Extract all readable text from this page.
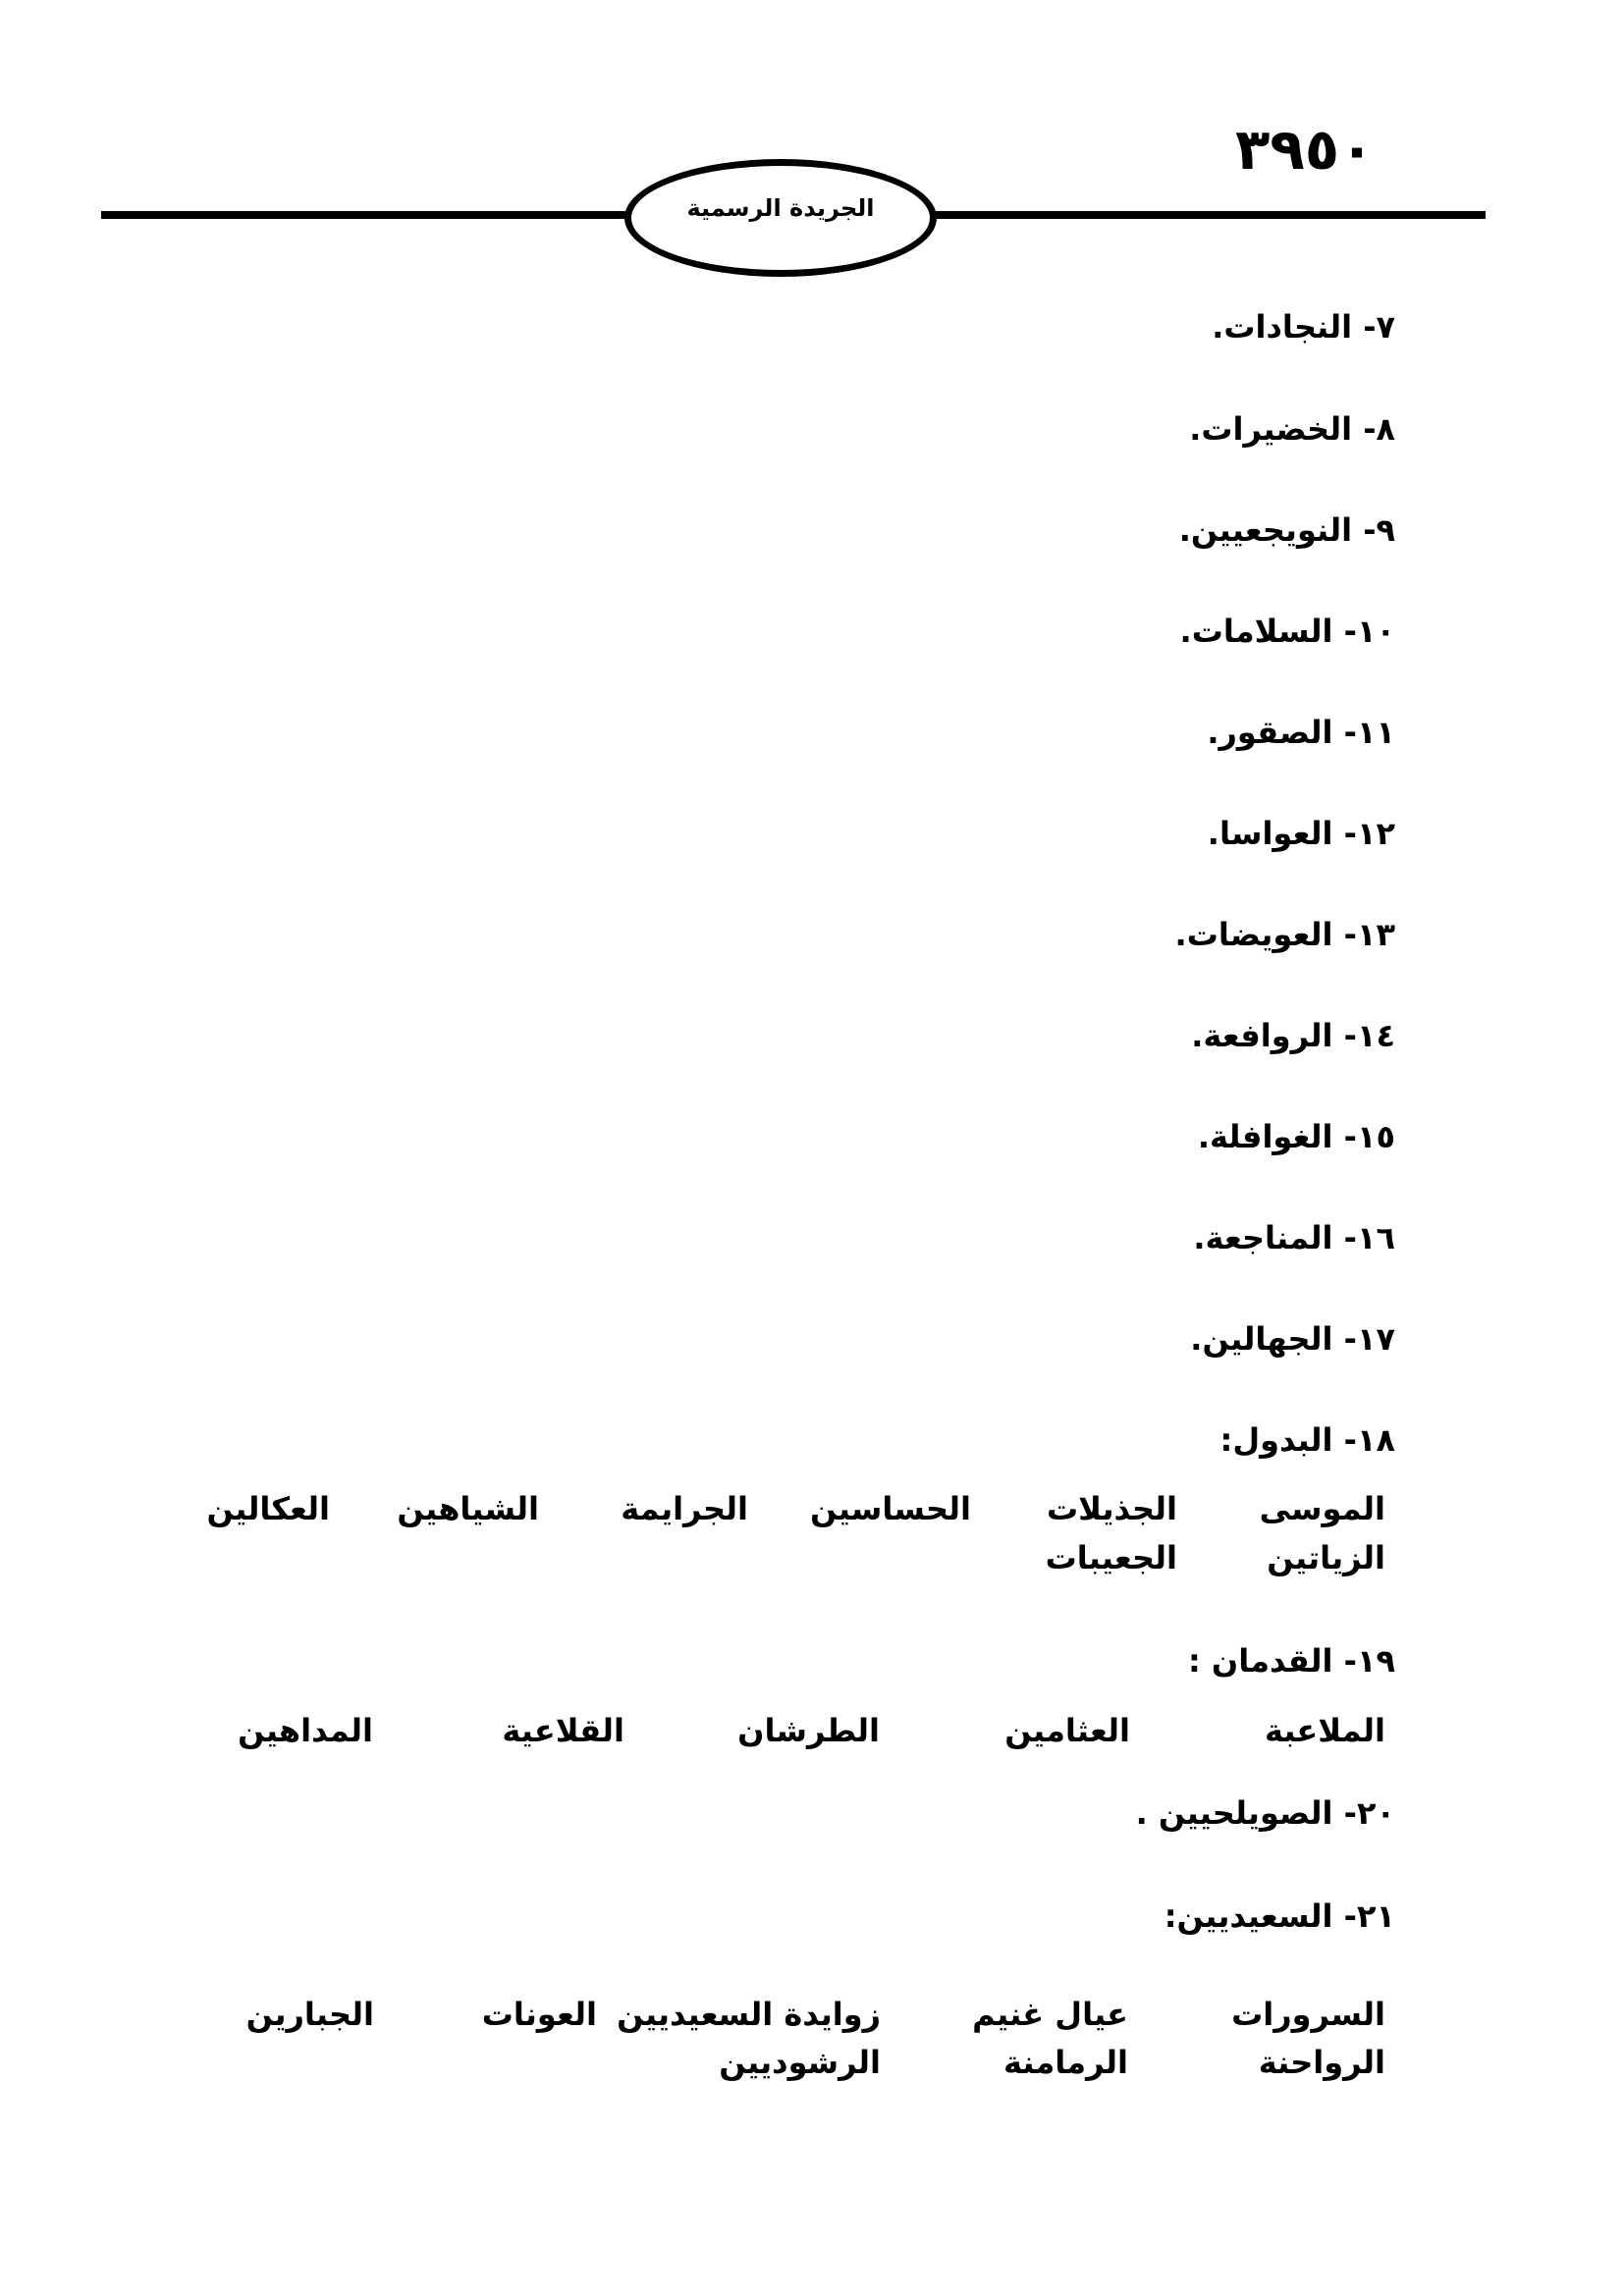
٣٩٥٠
الجريدة الرسمية
٧- النجادات.
٨- الخضيرات.
٩- النويجعيين.
١٠- السلامات.
١١- الصقور.
١٢- العواسا.
١٣- العويضات.
١٤- الروافعة.
١٥- الغوافلة.
١٦- المناجعة.
١٧- الجهالين.
١٨- البدول:
الموسى
الجذيلات
الحساسين
الجرايمة
الشياهين
العكالين
الزياتين
الجعيبات
١٩- القدمان :
الملاعبة
العثامين
الطرشان
القلاعية
المداهين
٢٠- الصويلحيين .
٢١- السعيديين:
السرورات
عيال غنيم
زوايدة السعيديين
العونات
الجبارين
الرواحنة
الرمامنة
الرشوديين
